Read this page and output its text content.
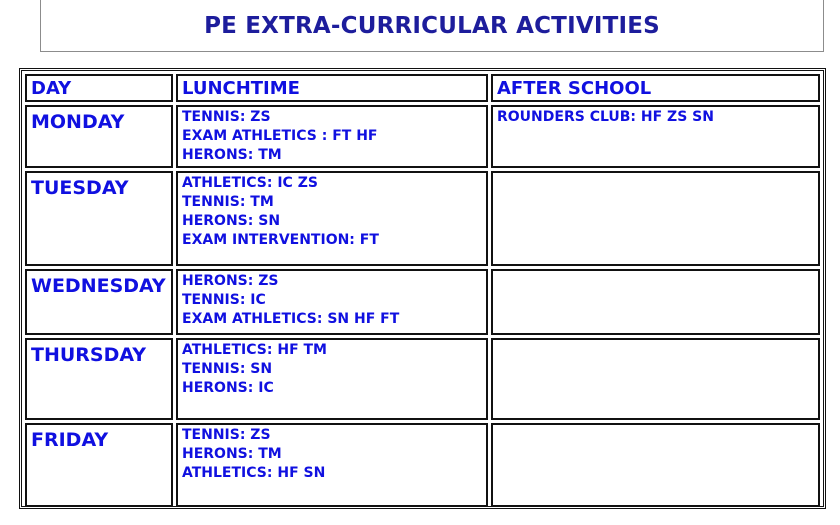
PE EXTRA-CURRICULAR ACTIVITIES
DAY	LUNCHTIME	AFTER SCHOOL
MONDAY	TENNIS: ZS
EXAM ATHLETICS : FT HF
HERONS: TM	ROUNDERS CLUB: HF ZS SN

TUESDAY	ATHLETICS: IC ZS
TENNIS: TM
HERONS: SN
EXAM INTERVENTION: FT	

WEDNESDAY	HERONS: ZS
TENNIS: IC
EXAM ATHLETICS: SN HF FT	

THURSDAY	ATHLETICS: HF TM
TENNIS: SN
HERONS: IC	

FRIDAY	TENNIS: ZS
HERONS: TM
ATHLETICS: HF SN	
